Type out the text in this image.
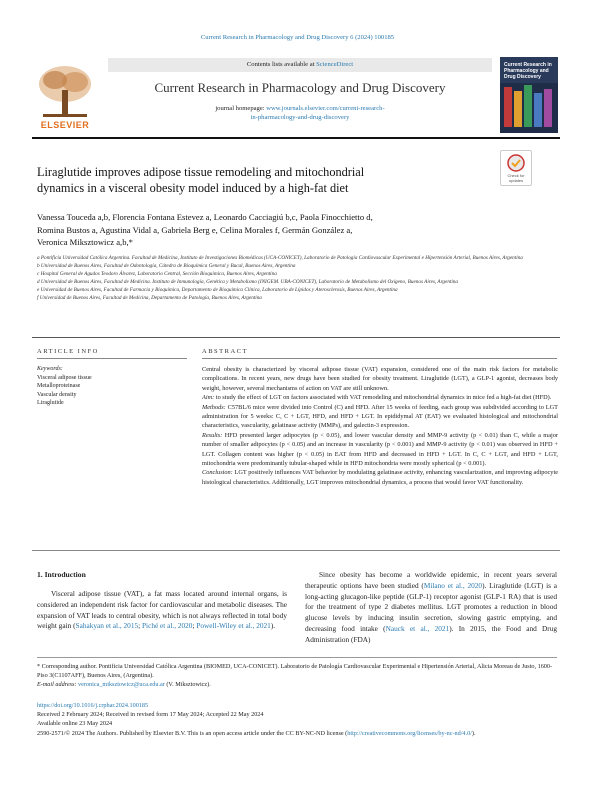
Current Research in Pharmacology and Drug Discovery 6 (2024) 100185
ELSEVIER
Contents lists available at ScienceDirect
Current Research in Pharmacology and Drug Discovery
journal homepage: www.journals.elsevier.com/current-research-
in-pharmacology-and-drug-discovery
Current Research in Pharmacology and Drug Discovery
Liraglutide improves adipose tissue remodeling and mitochondrial
dynamics in a visceral obesity model induced by a high-fat diet
Check for updates
Vanessa Touceda a,b, Florencia Fontana Estevez a, Leonardo Cacciagiú b,c, Paola Finocchietto d,
Romina Bustos a, Agustina Vidal a, Gabriela Berg e, Celina Morales f, Germán González a,
Veronica Miksztowicz a,b,*
a Pontificia Universidad Católica Argentina. Facultad de Medicina, Instituto de Investigaciones Biomédicas (UCA-CONICET), Laboratorio de Patología Cardiovascular Experimental e Hipertensión Arterial, Buenos Aires, Argentina
b Universidad de Buenos Aires, Facultad de Odontología, Cátedra de Bioquímica General y Bucal, Buenos Aires, Argentina
c Hospital General de Agudos Teodoro Álvarez, Laboratorio Central, Sección Bioquímica, Buenos Aires, Argentina
d Universidad de Buenos Aires, Facultad de Medicina. Instituto de Inmunología, Genética y Metabolismo (INIGEM. UBA-CONICET), Laboratorio de Metabolismo del Oxígeno, Buenos Aires, Argentina
e Universidad de Buenos Aires, Facultad de Farmacia y Bioquímica, Departamento de Bioquímica Clínica, Laboratorio de Lípidos y Aterosclerosis, Buenos Aires, Argentina
f Universidad de Buenos Aires, Facultad de Medicina, Departamento de Patología, Buenos Aires, Argentina
ARTICLE INFO	ABSTRACT
Keywords:
Visceral adipose tissue
Metalloproteinase
Vascular density
Liraglutide

Central obesity is characterized by visceral adipose tissue (VAT) expansion, considered one of the main risk factors for metabolic complications. In recent years, new drugs have been studied for obesity treatment. Liraglutide (LGT), a GLP-1 agonist, decreases body weight, however, several mechanisms of action on VAT are still unknown.

Aim: to study the effect of LGT on factors associated with VAT remodeling and mitochondrial dynamics in mice fed a high-fat diet (HFD).

Methods: C57BL/6 mice were divided into Control (C) and HFD. After 15 weeks of feeding, each group was subdivided according to LGT administration for 5 weeks: C, C + LGT, HFD, and HFD + LGT. In epididymal AT (EAT) we evaluated histological and mitochondrial characteristics, vascularity, gelatinase activity (MMPs), and galectin-3 expression.

Results: HFD presented larger adipocytes (p < 0.05), and lower vascular density and MMP-9 activity (p < 0.01) than C, while a major number of smaller adipocytes (p < 0.05) and an increase in vascularity (p < 0.001) and MMP-9 activity (p < 0.01) was observed in HFD + LGT. Collagen content was higher (p < 0.05) in EAT from HFD and decreased in HFD + LGT. In C, C + LGT, and HFD + LGT, mitochondria were predominantly tubular-shaped while in HFD mitochondria were mostly spherical (p < 0.001).

Conclusion: LGT positively influences VAT behavior by modulating gelatinase activity, enhancing vascularization, and improving adipocyte histological characteristics. Additionally, LGT improves mitochondrial dynamics, a process that would favor VAT functionality.

1. Introduction

Visceral adipose tissue (VAT), a fat mass located around internal organs, is considered an independent risk factor for cardiovascular and metabolic diseases. The expansion of VAT leads to central obesity, which is not always reflected in total body weight gain (Sahakyan et al., 2015; Piché et al., 2020; Powell-Wiley et al., 2021).

Since obesity has become a worldwide epidemic, in recent years several therapeutic options have been studied (Milano et al., 2020). Liraglutide (LGT) is a long-acting glucagon-like peptide (GLP-1) receptor agonist (GLP-1 RA) that is used for the treatment of type 2 diabetes mellitus. LGT promotes a reduction in blood glucose levels by inducing insulin secretion, slowing gastric emptying, and decreasing food intake (Nauck et al., 2021). In 2015, the Food and Drug Administration (FDA)

* Corresponding author. Pontificia Universidad Católica Argentina (BIOMED, UCA-CONICET). Laboratorio de Patología Cardiovascular Experimental e Hipertensión Arterial, Alicia Moreau de Justo, 1600-Piso 3(C1107AFF), Buenos Aires, (Argentina).
E-mail address: veronica_miksztowicz@uca.edu.ar (V. Miksztowicz).
https://doi.org/10.1016/j.crphar.2024.100185
Received 2 February 2024; Received in revised form 17 May 2024; Accepted 22 May 2024
Available online 23 May 2024
2590-2571/© 2024 The Authors. Published by Elsevier B.V. This is an open access article under the CC BY-NC-ND license (http://creativecommons.org/licenses/by-nc-nd/4.0/).
